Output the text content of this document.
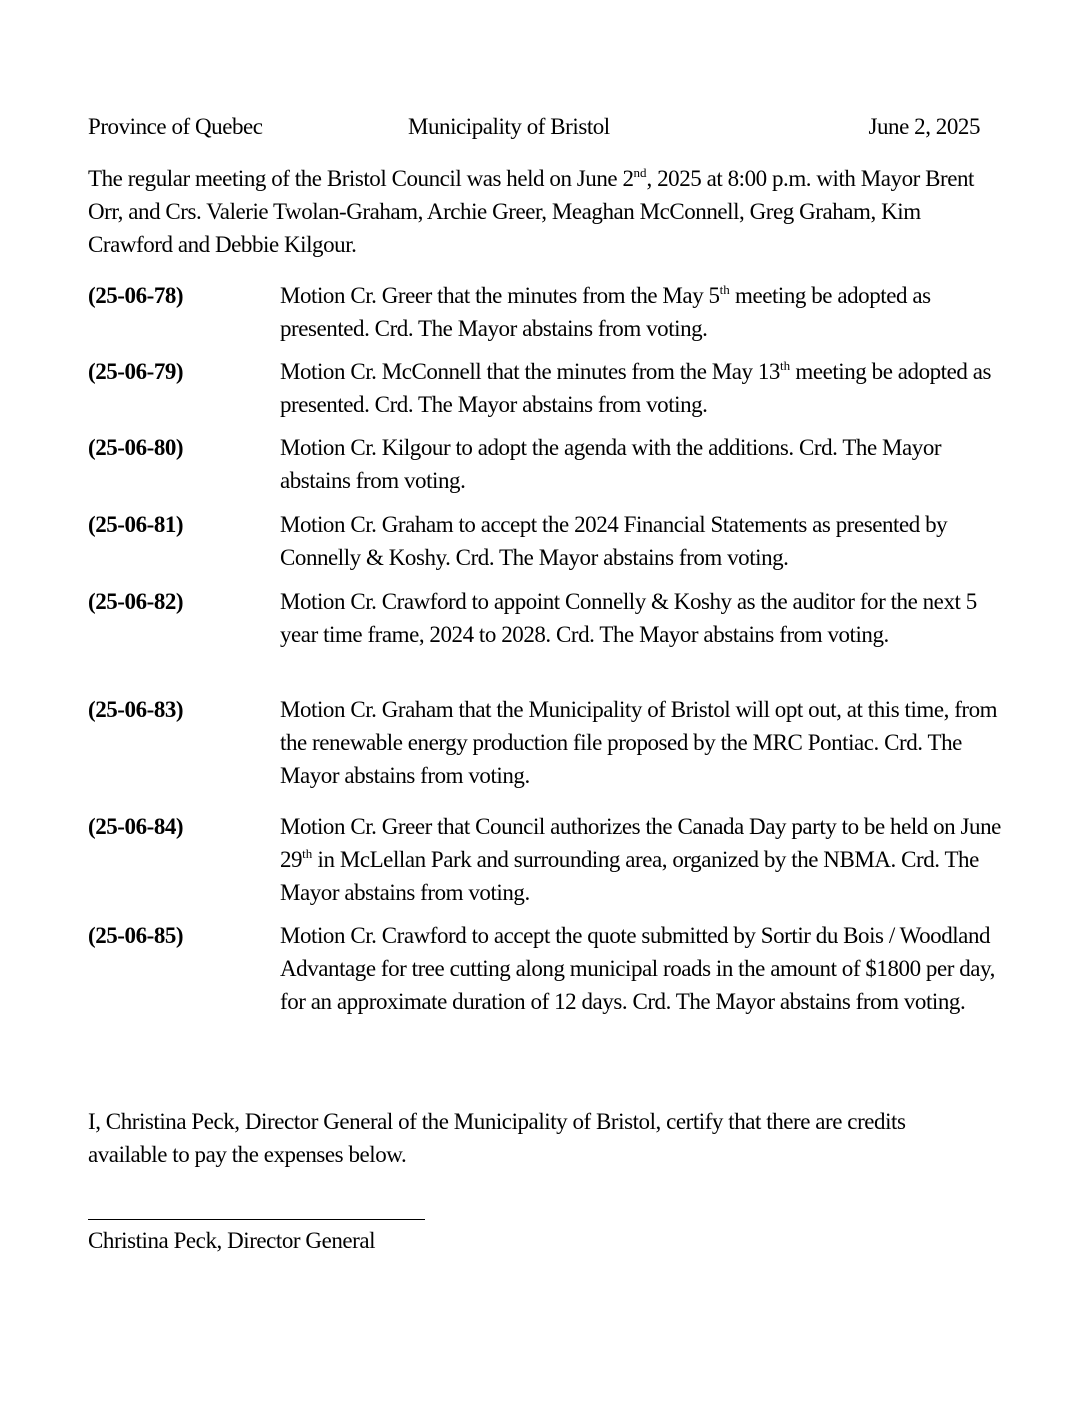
Province of Quebec	Municipality of Bristol	June 2, 2025
The regular meeting of the Bristol Council was held on June 2nd, 2025 at 8:00 p.m. with Mayor Brent Orr, and Crs. Valerie Twolan-Graham, Archie Greer, Meaghan McConnell, Greg Graham, Kim Crawford and Debbie Kilgour.
(25-06-78)	Motion Cr. Greer that the minutes from the May 5th meeting be adopted as presented. Crd. The Mayor abstains from voting.
(25-06-79)	Motion Cr. McConnell that the minutes from the May 13th meeting be adopted as presented. Crd. The Mayor abstains from voting.
(25-06-80)	Motion Cr. Kilgour to adopt the agenda with the additions. Crd. The Mayor abstains from voting.
(25-06-81)	Motion Cr. Graham to accept the 2024 Financial Statements as presented by Connelly & Koshy. Crd. The Mayor abstains from voting.
(25-06-82)	Motion Cr. Crawford to appoint Connelly & Koshy as the auditor for the next 5 year time frame, 2024 to 2028. Crd. The Mayor abstains from voting.
(25-06-83)	Motion Cr. Graham that the Municipality of Bristol will opt out, at this time, from the renewable energy production file proposed by the MRC Pontiac. Crd. The Mayor abstains from voting.
(25-06-84)	Motion Cr. Greer that Council authorizes the Canada Day party to be held on June 29th in McLellan Park and surrounding area, organized by the NBMA. Crd. The Mayor abstains from voting.
(25-06-85)	Motion Cr. Crawford to accept the quote submitted by Sortir du Bois / Woodland Advantage for tree cutting along municipal roads in the amount of $1800 per day, for an approximate duration of 12 days. Crd. The Mayor abstains from voting.
I, Christina Peck, Director General of the Municipality of Bristol, certify that there are credits available to pay the expenses below.
Christina Peck, Director General
